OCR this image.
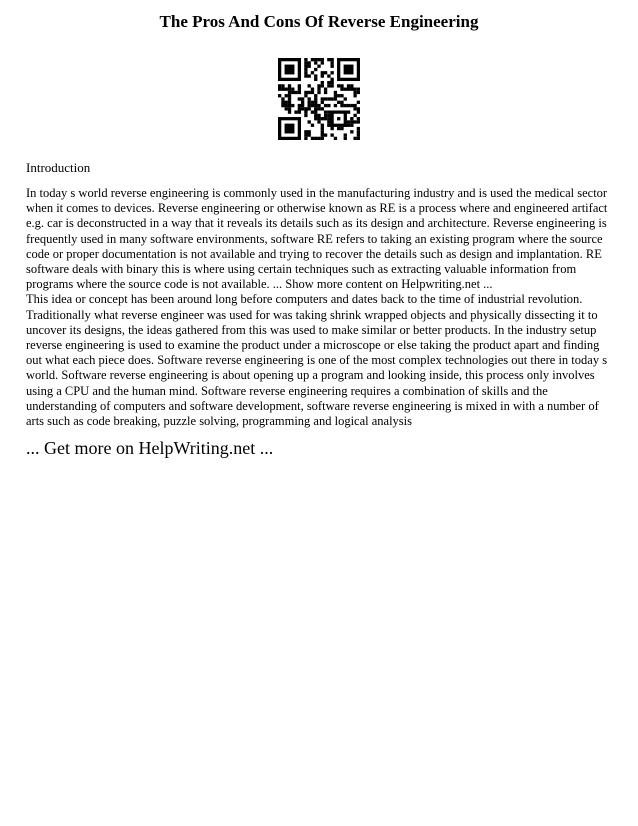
The Pros And Cons Of Reverse Engineering
Introduction

In today s world reverse engineering is commonly used in the manufacturing industry and is used the medical sector when it comes to devices. Reverse engineering or otherwise known as RE is a process where and engineered artifact e.g. car is deconstructed in a way that it reveals its details such as its design and architecture. Reverse engineering is frequently used in many software environments, software RE refers to taking an existing program where the source code or proper documentation is not available and trying to recover the details such as design and implantation. RE software deals with binary this is where using certain techniques such as extracting valuable information from programs where the source code is not available. ... Show more content on Helpwriting.net ...

This idea or concept has been around long before computers and dates back to the time of industrial revolution. Traditionally what reverse engineer was used for was taking shrink wrapped objects and physically dissecting it to uncover its designs, the ideas gathered from this was used to make similar or better products. In the industry setup reverse engineering is used to examine the product under a microscope or else taking the product apart and finding out what each piece does. Software reverse engineering is one of the most complex technologies out there in today s world. Software reverse engineering is about opening up a program and looking inside, this process only involves using a CPU and the human mind. Software reverse engineering requires a combination of skills and the understanding of computers and software development, software reverse engineering is mixed in with a number of arts such as code breaking, puzzle solving, programming and logical analysis

... Get more on HelpWriting.net ...
